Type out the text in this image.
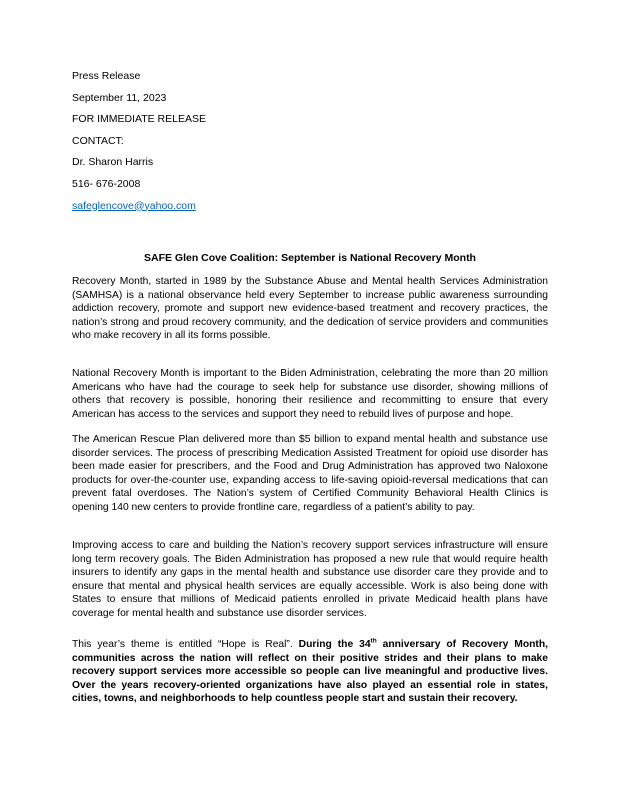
Press Release
September 11, 2023
FOR IMMEDIATE RELEASE
CONTACT:
Dr. Sharon Harris
516- 676-2008
safeglencove@yahoo.com
SAFE Glen Cove Coalition: September is National Recovery Month

Recovery Month, started in 1989 by the Substance Abuse and Mental health Services Administration (SAMHSA) is a national observance held every September to increase public awareness surrounding addiction recovery, promote and support new evidence-based treatment and recovery practices, the nation’s strong and proud recovery community, and the dedication of service providers and communities who make recovery in all its forms possible.

National Recovery Month is important to the Biden Administration, celebrating the more than 20 million Americans who have had the courage to seek help for substance use disorder, showing millions of others that recovery is possible, honoring their resilience and recommitting to ensure that every American has access to the services and support they need to rebuild lives of purpose and hope.

The American Rescue Plan delivered more than $5 billion to expand mental health and substance use disorder services. The process of prescribing Medication Assisted Treatment for opioid use disorder has been made easier for prescribers, and the Food and Drug Administration has approved two Naloxone products for over-the-counter use, expanding access to life-saving opioid-reversal medications that can prevent fatal overdoses. The Nation’s system of Certified Community Behavioral Health Clinics is opening 140 new centers to provide frontline care, regardless of a patient’s ability to pay.

Improving access to care and building the Nation’s recovery support services infrastructure will ensure long term recovery goals. The Biden Administration has proposed a new rule that would require health insurers to identify any gaps in the mental health and substance use disorder care they provide and to ensure that mental and physical health services are equally accessible. Work is also being done with States to ensure that millions of Medicaid patients enrolled in private Medicaid health plans have coverage for mental health and substance use disorder services.

This year’s theme is entitled “Hope is Real”. During the 34th anniversary of Recovery Month, communities across the nation will reflect on their positive strides and their plans to make recovery support services more accessible so people can live meaningful and productive lives. Over the years recovery-oriented organizations have also played an essential role in states, cities, towns, and neighborhoods to help countless people start and sustain their recovery.
